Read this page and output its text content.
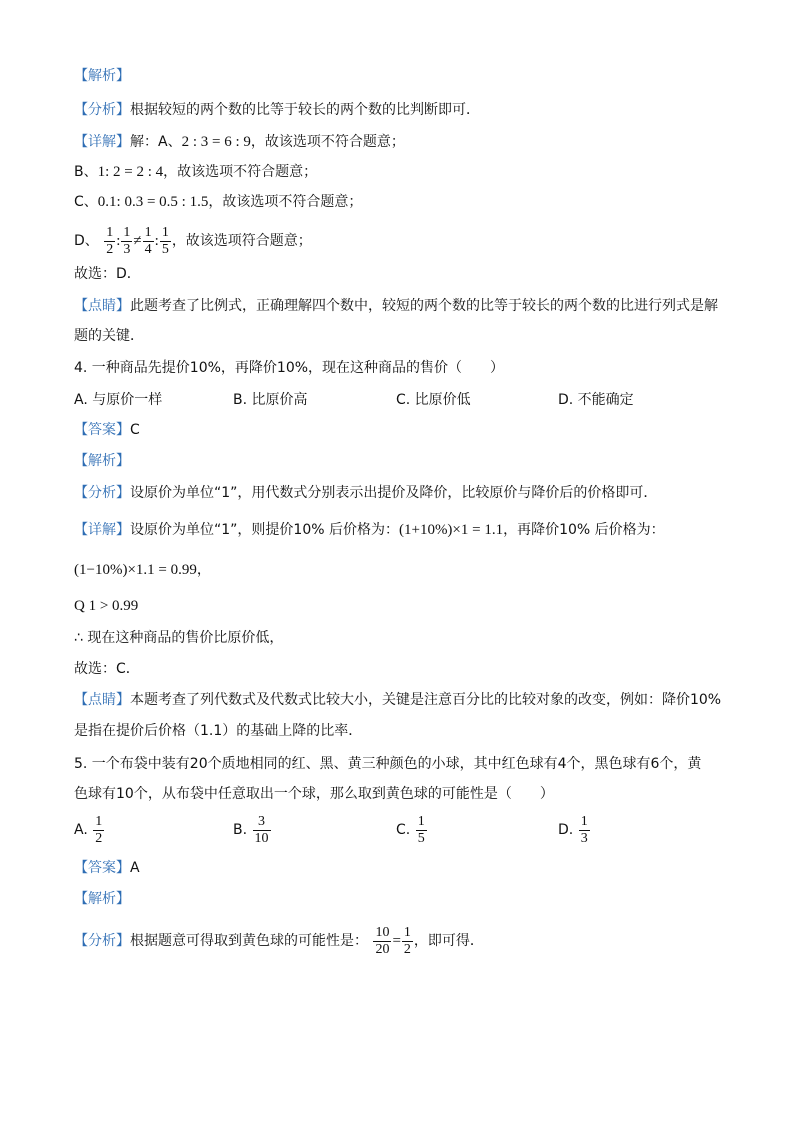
【解析】
【分析】根据较短的两个数的比等于较长的两个数的比判断即可．
【详解】解：A、2 : 3 = 6 : 9，故该选项不符合题意；
B、1: 2 = 2 : 4，故该选项不符合题意；
C、0.1: 0.3 = 0.5 : 1.5，故该选项不符合题意；
D、 $\frac{1}{2}$ : $\frac{1}{3} \ne \frac{1}{4}$ : $\frac{1}{5}$ ，故该选项符合题意；
故选：D．
【点睛】此题考查了比例式，正确理解四个数中，较短的两个数的比等于较长的两个数的比进行列式是解
题的关键．
4. 一种商品先提价10%，再降价10%，现在这种商品的售价（　　）
A. 与原价一样	B. 比原价高	C. 比原价低	D. 不能确定
【答案】C
【解析】
【分析】设原价为单位“1”，用代数式分别表示出提价及降价，比较原价与降价后的价格即可．
【详解】设原价为单位“1”，则提价10% 后价格为：(1+10%)×1 = 1.1，再降价10% 后价格为：
(1−10%)×1.1 = 0.99，
Q 1 > 0.99
∴ 现在这种商品的售价比原价低，
故选：C．
【点睛】本题考查了列代数式及代数式比较大小，关键是注意百分比的比较对象的改变，例如：降价10%
是指在提价后价格（1.1）的基础上降的比率．
5. 一个布袋中装有20个质地相同的红、黑、黄三种颜色的小球，其中红色球有4个，黑色球有6个，黄
色球有10个，从布袋中任意取出一个球，那么取到黄色球的可能性是（　　）
A. $\frac{1}{2}$	B. $\frac{3}{10}$	C. $\frac{1}{5}$	D. $\frac{1}{3}$
【答案】A
【解析】
【分析】根据题意可得取到黄色球的可能性是： $\frac{10}{20} = \frac{1}{2}$ ，即可得．
